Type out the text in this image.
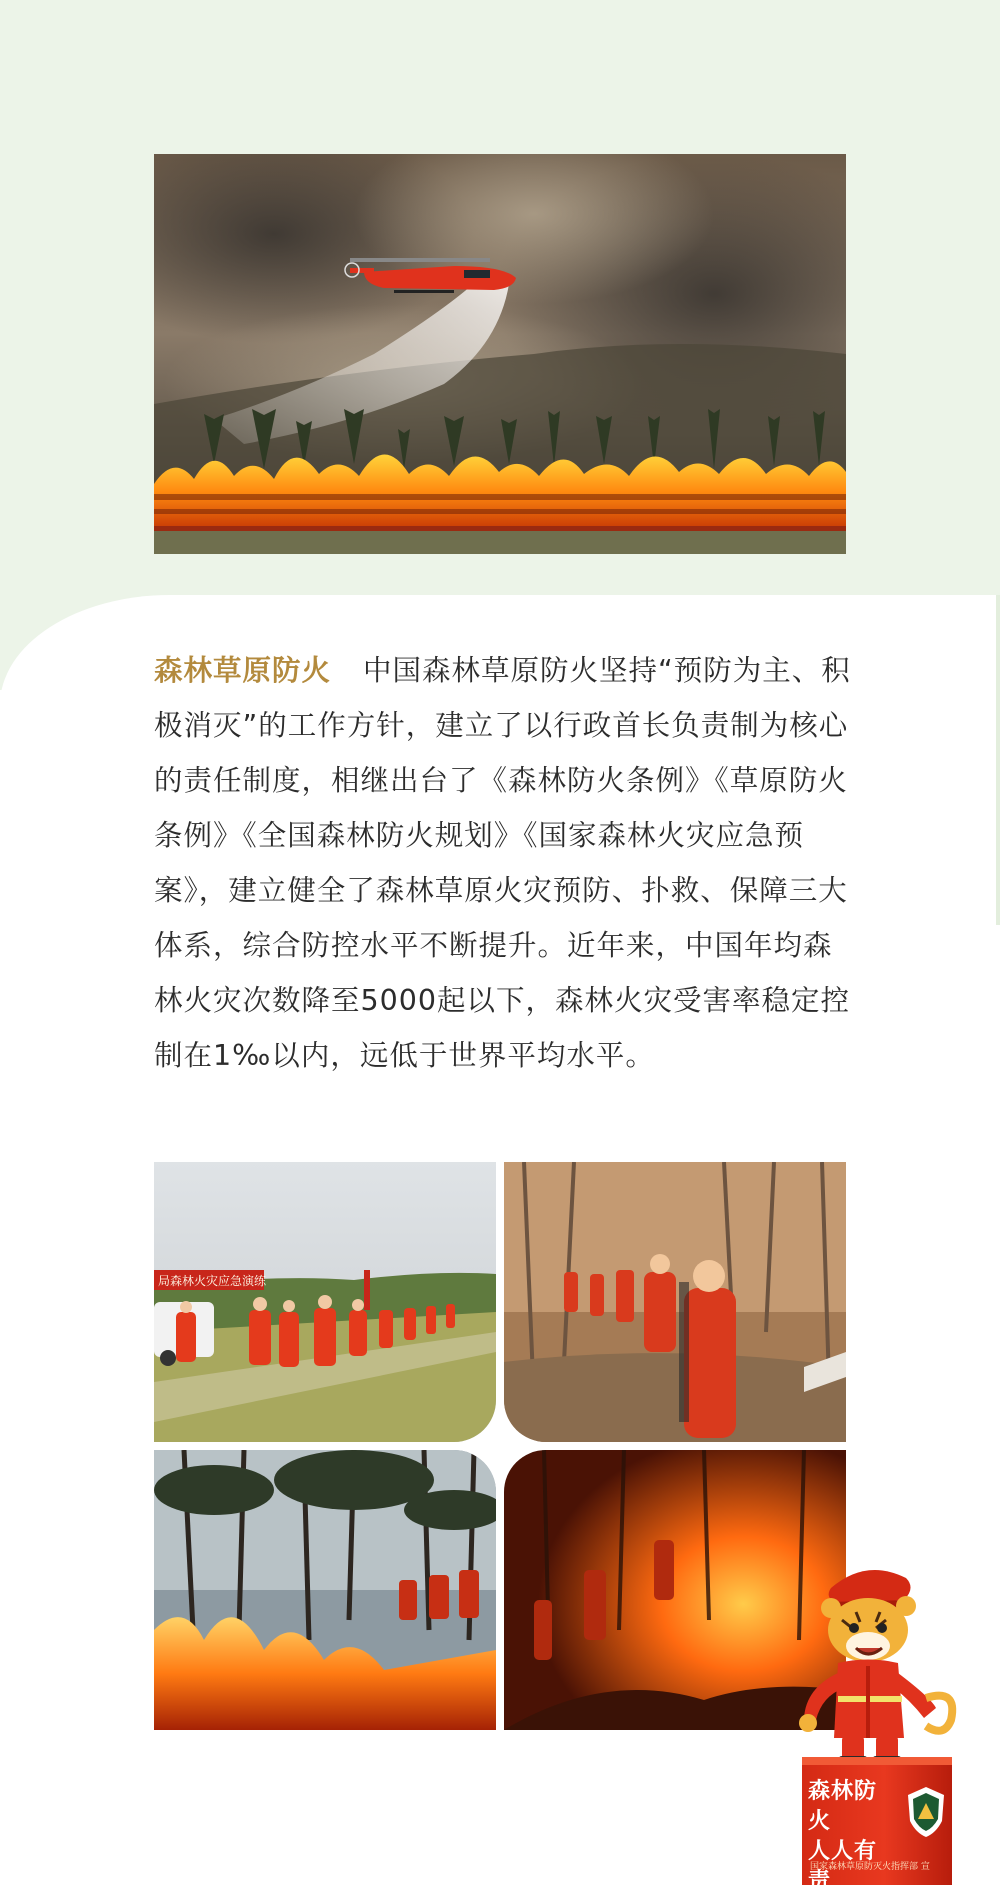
森林草原防火 中国森林草原防火坚持“预防为主、积极消灭”的工作方针，建立了以行政首长负责制为核心的责任制度，相继出台了《森林防火条例》《草原防火条例》《全国森林防火规划》《国家森林火灾应急预案》，建立健全了森林草原火灾预防、扑救、保障三大体系，综合防控水平不断提升。近年来，中国年均森林火灾次数降至5000起以下，森林火灾受害率稳定控制在1‰以内，远低于世界平均水平。

局森林火灾应急演练
森林防火
人人有责
国家森林草原防灭火指挥部 宣
